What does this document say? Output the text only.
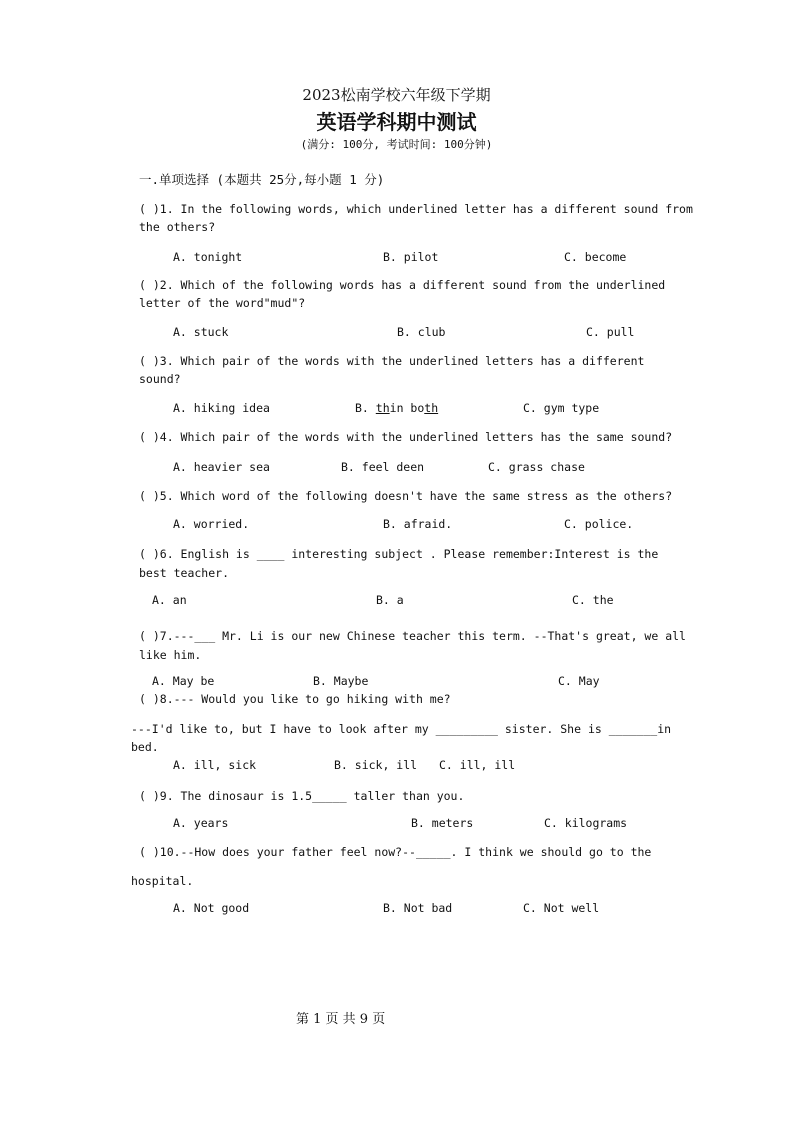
2023松南学校六年级下学期
英语学科期中测试
(满分: 100分, 考试时间: 100分钟)
一.单项选择 (本题共 25分,每小题 1 分)
( )1. In the following words, which underlined letter has a different sound from
the others?
A. tonight	B. pilot	C. become
( )2. Which of the following words has a different sound from the underlined
letter of the word"mud"?
A. stuck	B. club	C. pull
( )3. Which pair of the words with the underlined letters has a different
sound?
A. hiking idea	B. thin both	C. gym type
( )4. Which pair of the words with the underlined letters has the same sound?
A. heavier sea	B. feel deen	C. grass chase
( )5. Which word of the following doesn't have the same stress as the others?
A. worried.	B. afraid.	C. police.
( )6. English is ____ interesting subject . Please remember:Interest is the
best teacher.
A. an	B. a	C. the
( )7.---___ Mr. Li is our new Chinese teacher this term. --That's great, we all
like him.
A. May be	B. Maybe	C. May
( )8.--- Would you like to go hiking with me?
---I'd like to, but I have to look after my _________ sister. She is _______in
bed.
A. ill, sick	B. sick, ill C. ill, ill
( )9. The dinosaur is 1.5_____ taller than you.
A. years	B. meters	C. kilograms
( )10.--How does your father feel now?--_____. I think we should go to the
hospital.
A. Not good	B. Not bad	C. Not well
第 1 页 共 9 页
